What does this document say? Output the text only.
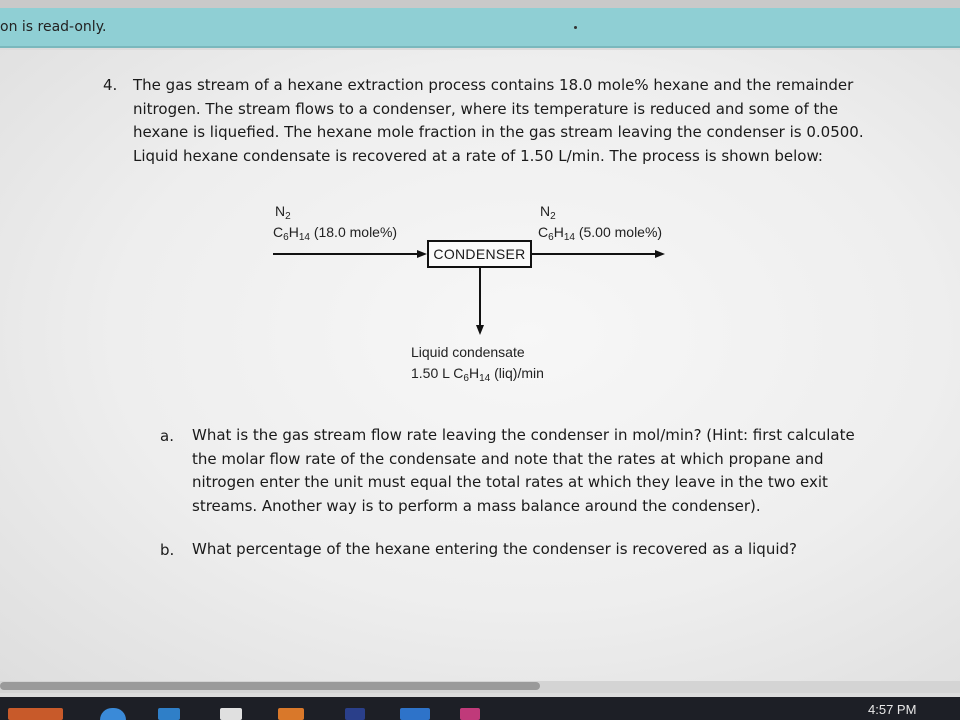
on is read-only.
4. The gas stream of a hexane extraction process contains 18.0 mole% hexane and the remainder
nitrogen. The stream flows to a condenser, where its temperature is reduced and some of the
hexane is liquefied. The hexane mole fraction in the gas stream leaving the condenser is 0.0500.
Liquid hexane condensate is recovered at a rate of 1.50 L/min. The process is shown below:
$N_2$
$C_6H_{14}$ (18.0 mole%)
CONDENSER
$N_2$
$C_6H_{14}$ (5.00 mole%)
Liquid condensate
1.50 L $C_6H_{14}$ (liq)/min
a. What is the gas stream flow rate leaving the condenser in mol/min? (Hint: first calculate
the molar flow rate of the condensate and note that the rates at which propane and
nitrogen enter the unit must equal the total rates at which they leave in the two exit
streams. Another way is to perform a mass balance around the condenser).
b. What percentage of the hexane entering the condenser is recovered as a liquid?
4:57 PM
